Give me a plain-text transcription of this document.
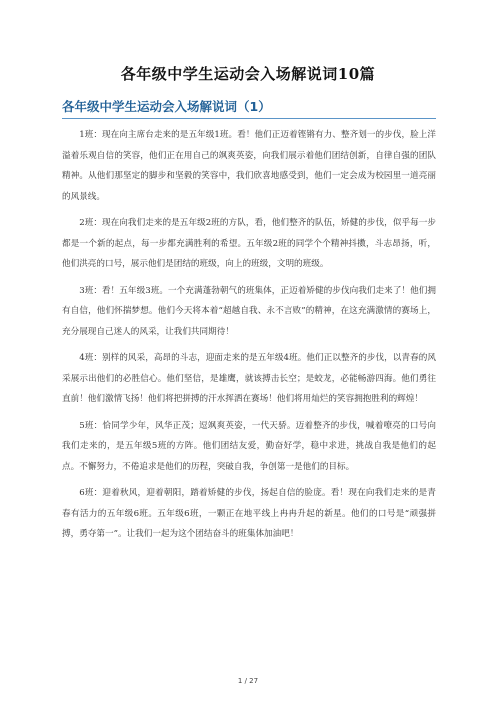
各年级中学生运动会入场解说词10篇
各年级中学生运动会入场解说词（1）

1班：现在向主席台走来的是五年级1班。看！他们正迈着铿锵有力、整齐划一的步伐，脸上洋溢着乐观自信的笑容，他们正在用自己的飒爽英姿，向我们展示着他们团结创新，自律自强的团队精神。从他们那坚定的脚步和坚毅的笑容中，我们欣喜地感受到，他们一定会成为校园里一道亮丽的风景线。

2班：现在向我们走来的是五年级2班的方队，看，他们整齐的队伍，矫健的步伐，似乎每一步都是一个新的起点，每一步都充满胜利的希望。五年级2班的同学个个精神抖擞，斗志昂扬，听，他们洪亮的口号，展示他们是团结的班级，向上的班级，文明的班级。

3班：看！五年级3班。一个充满蓬勃朝气的班集体，正迈着矫健的步伐向我们走来了！他们拥有自信，他们怀揣梦想。他们今天将本着“超越自我、永不言败”的精神，在这充满激情的赛场上，充分展现自己迷人的风采，让我们共同期待！

4班：别样的风采，高昂的斗志，迎面走来的是五年级4班。他们正以整齐的步伐，以青春的风采展示出他们的必胜信心。他们坚信，是雄鹰，就该搏击长空；是蛟龙，必能畅游四海。他们勇往直前！他们激情飞扬！他们将把拼搏的汗水挥洒在赛场！他们将用灿烂的笑容拥抱胜利的辉煌！

5班：恰同学少年，风华正茂；逗飒爽英姿，一代天骄。迈着整齐的步伐，喊着嘹亮的口号向我们走来的，是五年级5班的方阵。他们团结友爱，勤奋好学，稳中求进，挑战自我是他们的起点。不懈努力，不倦追求是他们的历程，突破自我，争创第一是他们的目标。

6班：迎着秋风，迎着朝阳，踏着矫健的步伐，扬起自信的脸庞。看！现在向我们走来的是青春有活力的五年级6班。五年级6班，一颗正在地平线上冉冉升起的新星。他们的口号是“顽强拼搏，勇夺第一”。让我们一起为这个团结奋斗的班集体加油吧！

1 / 27
